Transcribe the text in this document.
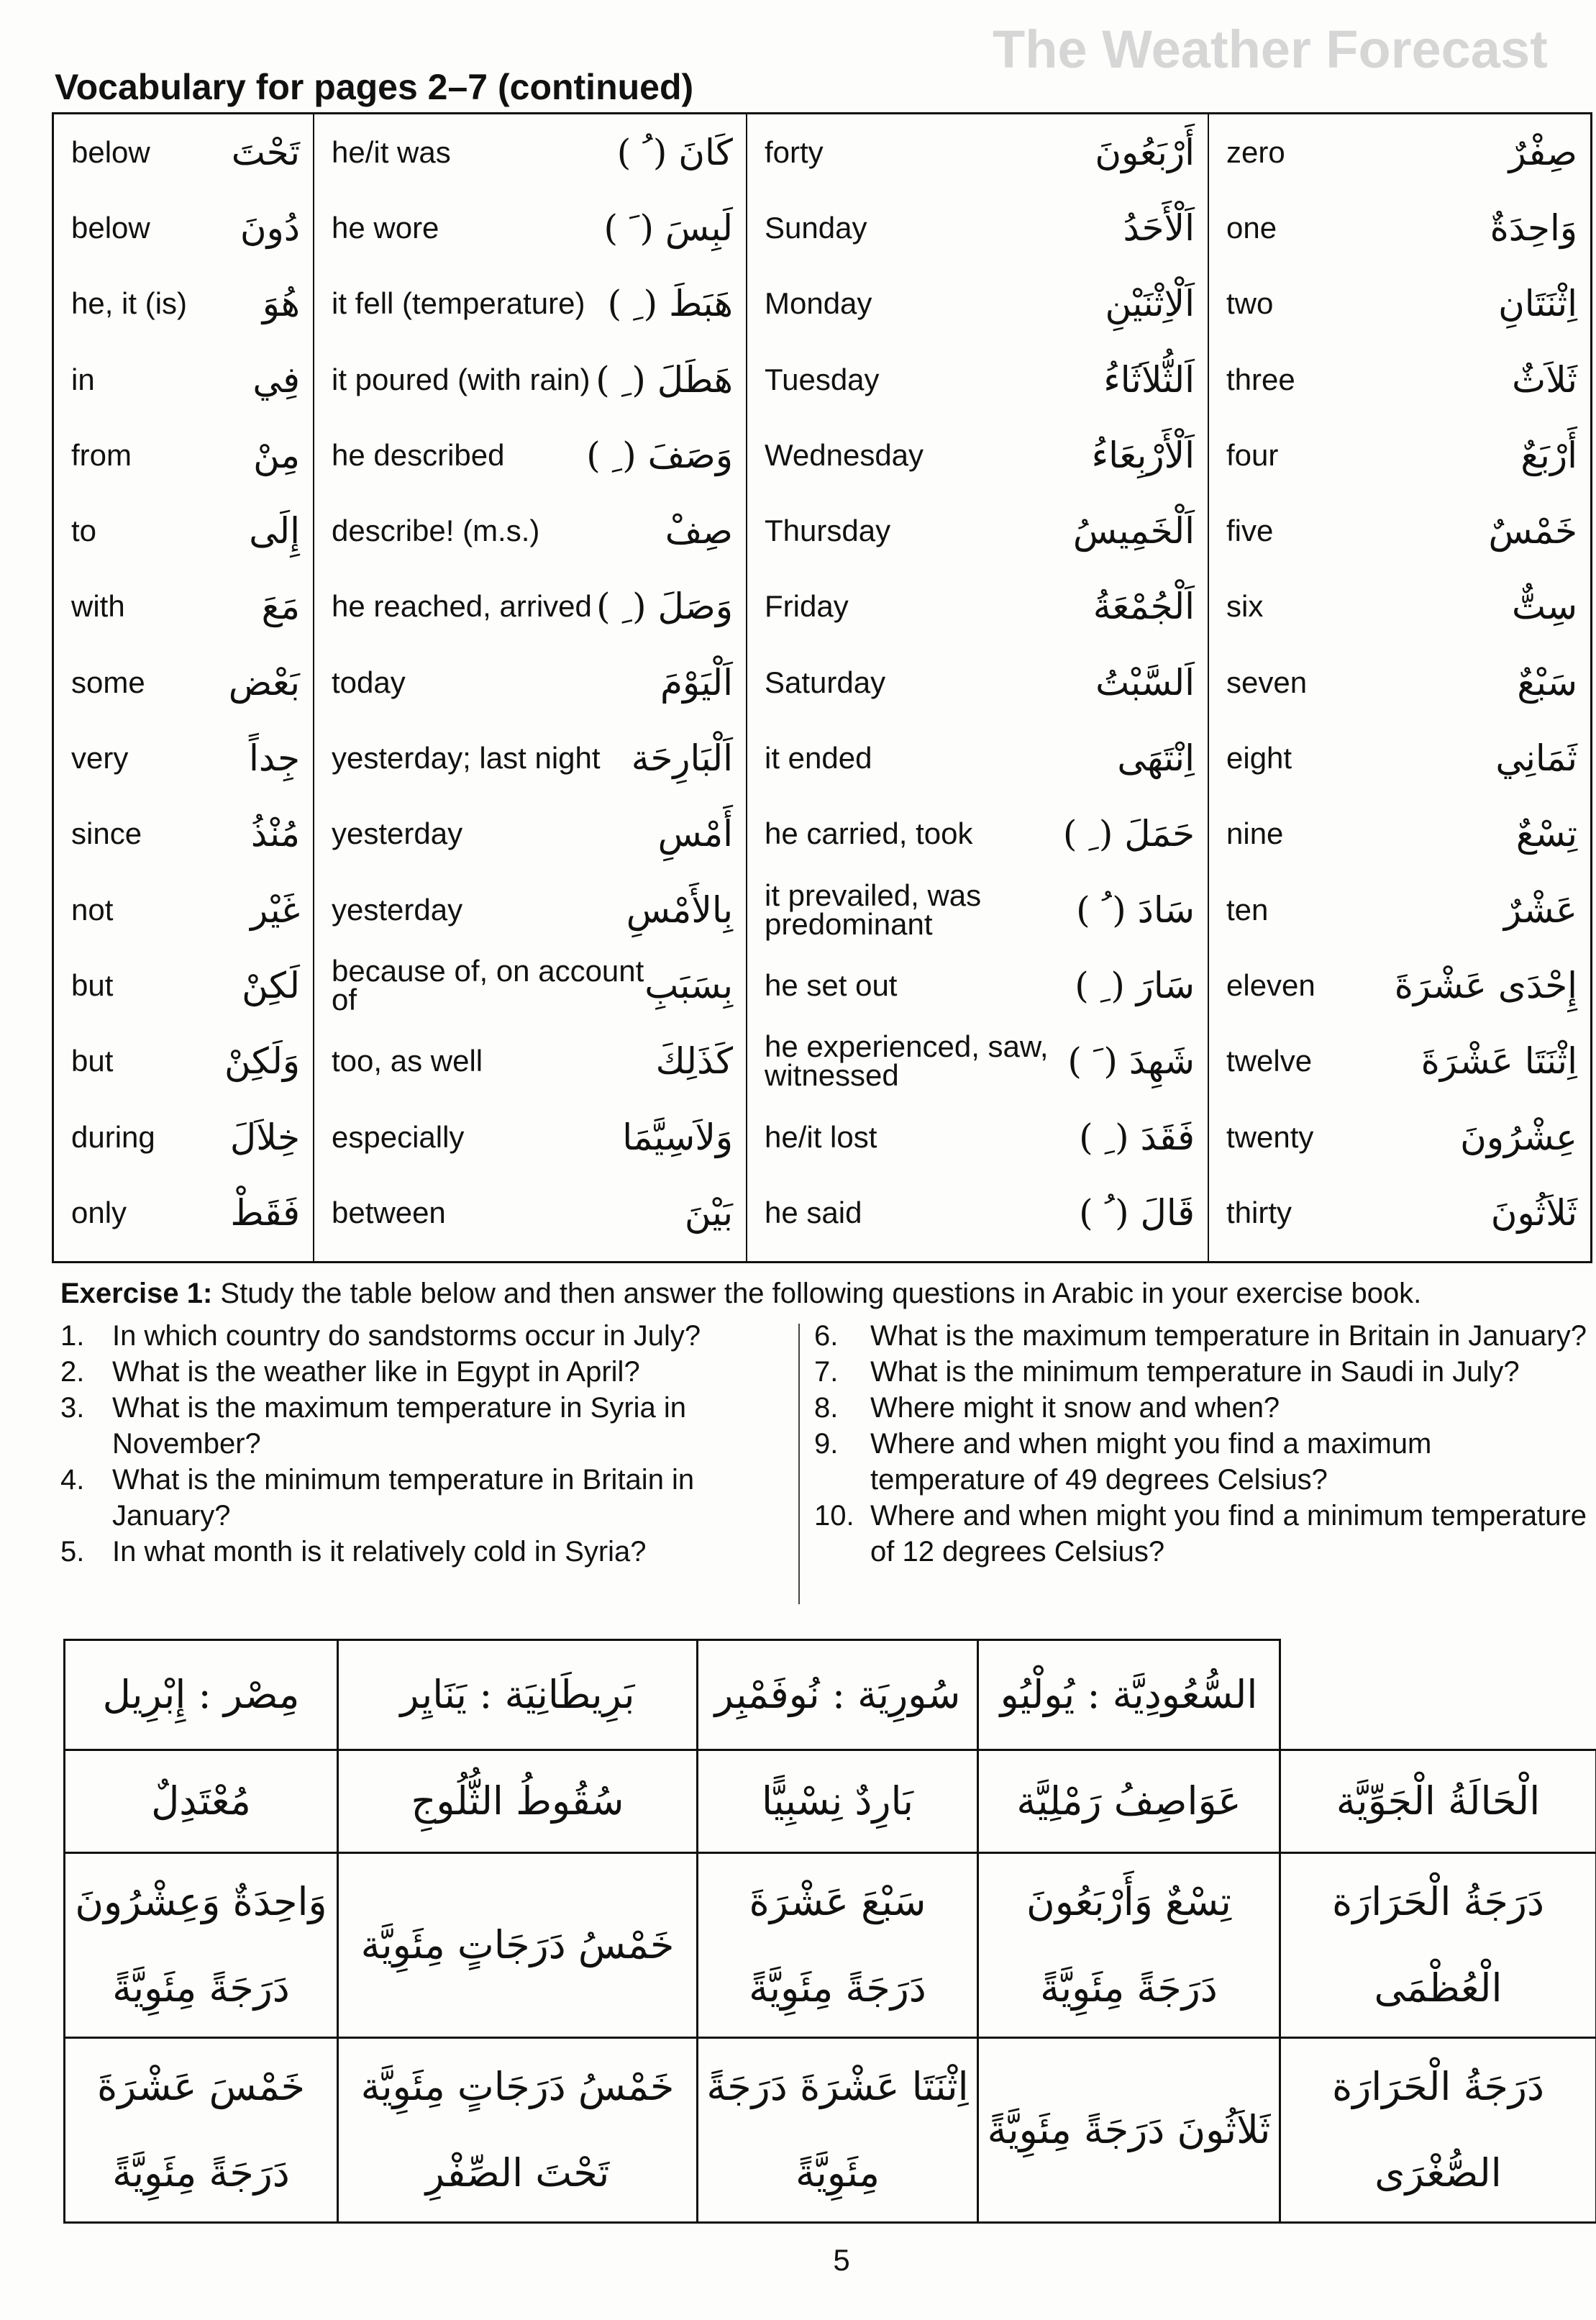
The Weather Forecast
Vocabulary for pages 2–7 (continued)
below تَحْتَ
below	دُونَ
he, it (is) هُوَ
in	فِي
from	مِنْ
to	إِلَى
with	مَعَ
some بَعْض
very	جِداً
since	مُنْذُ
not	غَيْر
but	لَكِنْ
but	وَلَكِنْ
during خِلاَلَ
only	فَقَطْ
he/it was	كَانَ ( ُ )
he wore	لَبِسَ ( َ )
it fell (temperature) هَبَطَ ( ِ )
it poured (with rain) هَطَلَ ( ِ )
he described وَصَفَ ( ِ )
describe! (m.s.)	صِفْ
he reached, arrived وَصَلَ ( ِ )
today	اَلْيَوْمَ
yesterday; last night اَلْبَارِحَة
yesterday	أَمْسِ
yesterday	بِالأَمْسِ
because of, on account of	بِسَبَبِ
too, as well	كَذَلِكَ
especially	وَلاَسِيَّمَا
between	بَيْنَ
forty	أَرْبَعُونَ
Sunday	اَلْأَحَدُ
Monday	اَلْاِثْنَيْنِ
Tuesday	اَلثُّلاَثَاءُ
Wednesday	اَلْأَرْبِعَاءُ
Thursday	اَلْخَمِيسُ
Friday	اَلْجُمْعَةُ
Saturday	اَلسَّبْتُ
it ended	اِنْتَهَى
he carried, took	حَمَلَ ( ِ )
it prevailed, was predominant	سَادَ ( ُ )
he set out	سَارَ ( ِ )
he experienced, saw, witnessed	شَهِدَ ( َ )
he/it lost	فَقَدَ ( ِ )
he said	قَالَ ( ُ )
zero	صِفْرٌ
one	وَاحِدَةٌ
two	اِثْنَتَانِ
three	ثَلاَثٌ
four	أَرْبَعٌ
five	خَمْسٌ
six	سِتٌّ
seven	سَبْعٌ
eight	ثَمَانِي
nine	تِسْعٌ
ten	عَشْرٌ
eleven إِحْدَى عَشْرَةَ
twelve	اِثْنَتَا عَشْرَةَ
twenty	عِشْرُونَ
thirty	ثَلاَثُونَ
Exercise 1: Study the table below and then answer the following questions in Arabic in your exercise book.
1. In which country do sandstorms occur in July?
2. What is the weather like in Egypt in April?
3. What is the maximum temperature in Syria in November?
4. What is the minimum temperature in Britain in January?
5. In what month is it relatively cold in Syria?
6.	What is the maximum temperature in Britain in January?
7.	What is the minimum temperature in Saudi in July?
8.	Where might it snow and when?
9.	Where and when might you find a maximum temperature of 49 degrees Celsius?
10. Where and when might you find a minimum temperature of 12 degrees Celsius?
مِصْر : إِبْرِيل	بَرِيطَانِيَة : يَنَايِر	سُورِيَة : نُوفَمْبِر	السُّعُودِيَّة : يُولْيُو	
مُعْتَدِلٌ	سُقُوطُ الثُّلُوجِ	بَارِدٌ نِسْبِيًّا	عَوَاصِفُ رَمْلِيَّة	الْحَالَةُ الْجَوِّيَّة
وَاحِدَةٌ وَعِشْرُونَ دَرَجَةً مِئَوِيَّةً	خَمْسُ دَرَجَاتٍ مِئَوِيَّة	سَبْعَ عَشْرَةَ دَرَجَةً مِئَوِيَّةً	تِسْعٌ وَأَرْبَعُونَ دَرَجَةً مِئَوِيَّةً	دَرَجَةُ الْحَرَارَة الْعُظْمَى
خَمْسَ عَشْرَةَ دَرَجَةً مِئَوِيَّةً	خَمْسُ دَرَجَاتٍ مِئَوِيَّة تَحْتَ الصِّفْرِ	اِثْنَتَا عَشْرَةَ دَرَجَةً مِئَوِيَّةً	ثَلاَثُونَ دَرَجَةً مِئَوِيَّةً	دَرَجَةُ الْحَرَارَة الصُّغْرَى
5
